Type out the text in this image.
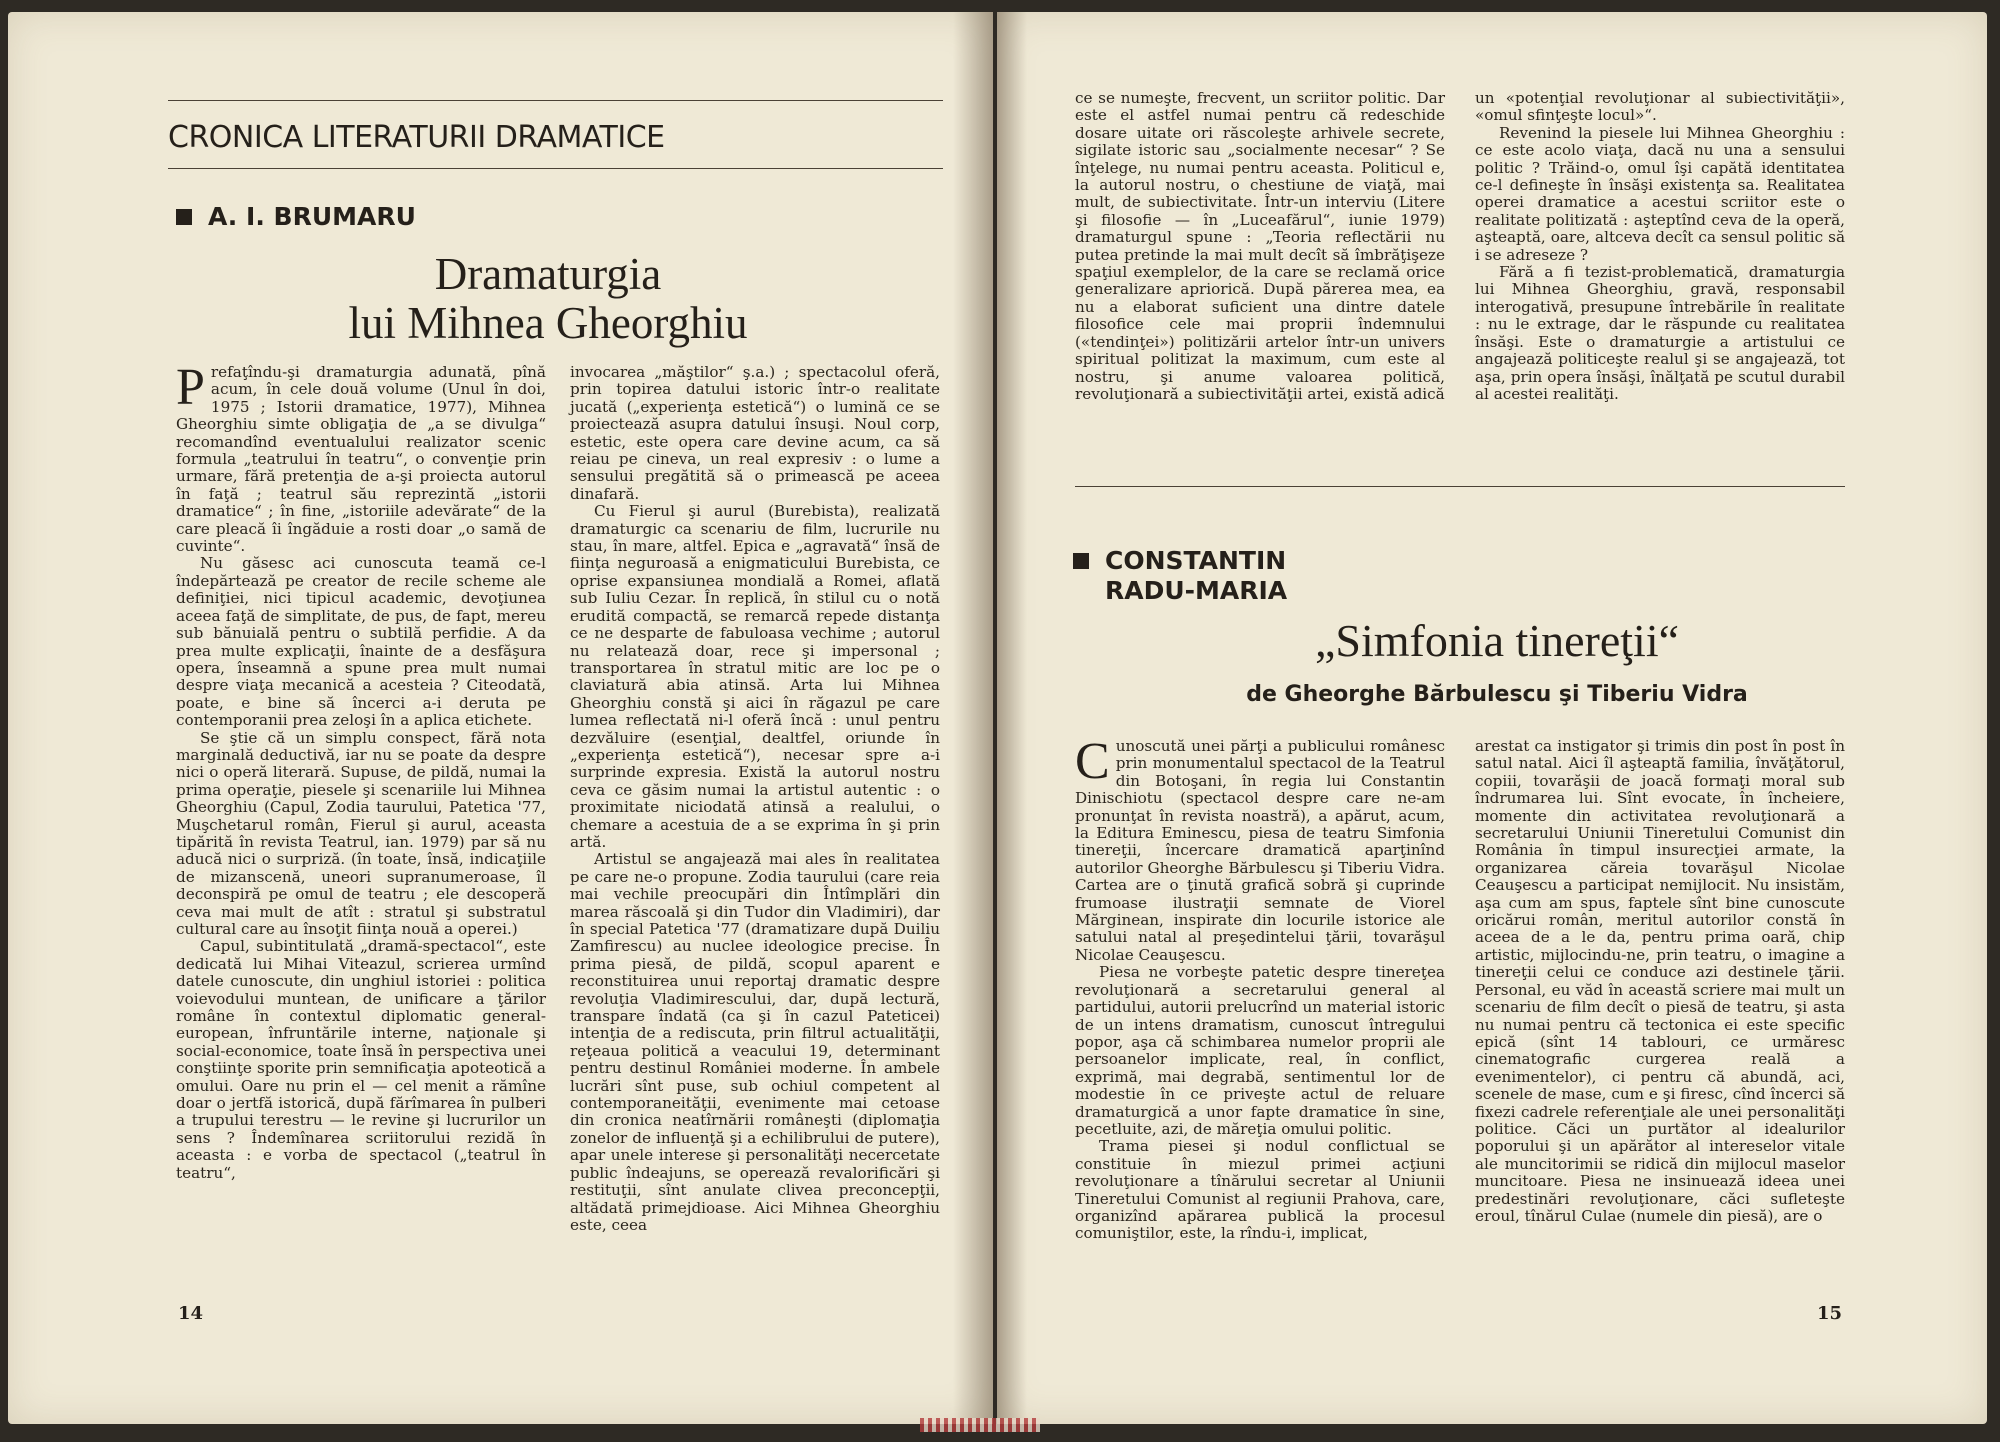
CRONICA LITERATURII DRAMATICE
A. I. BRUMARU
Dramaturgia
lui Mihnea Gheorghiu
P refaţîndu-şi dramaturgia adunată, pînă acum, în cele două volume (Unul în doi, 1975 ; Istorii dramatice, 1977), Mihnea Gheorghiu simte obligaţia de „a se divulga“ recomandînd eventualului realizator scenic formula „teatrului în teatru“, o convenţie prin urmare, fără pretenţia de a-şi proiecta autorul în faţă ; teatrul său reprezintă „istorii dramatice“ ; în fine, „istoriile adevărate“ de la care pleacă îi îngăduie a rosti doar „o samă de cuvinte“.

Nu găsesc aci cunoscuta teamă ce-l îndepărtează pe creator de recile scheme ale definiţiei, nici tipicul academic, devoţiunea aceea faţă de simplitate, de pus, de fapt, mereu sub bănuială pentru o subtilă perfidie. A da prea multe explicaţii, înainte de a desfăşura opera, înseamnă a spune prea mult numai despre viaţa mecanică a acesteia ? Citeodată, poate, e bine să încerci a-i deruta pe contemporanii prea zeloşi în a aplica etichete.

Se ştie că un simplu conspect, fără nota marginală deductivă, iar nu se poate da despre nici o operă literară. Supuse, de pildă, numai la prima operaţie, piesele şi scenariile lui Mihnea Gheorghiu (Capul, Zodia taurului, Patetica '77, Muşchetarul român, Fierul şi aurul, aceasta tipărită în revista Teatrul, ian. 1979) par să nu aducă nici o surpriză. (în toate, însă, indicaţiile de mizanscenă, uneori supranumeroase, îl deconspiră pe omul de teatru ; ele descoperă ceva mai mult de atît : stratul şi substratul cultural care au însoţit fiinţa nouă a operei.)

Capul, subintitulată „dramă-spectacol“, este dedicată lui Mihai Viteazul, scrierea urmînd datele cunoscute, din unghiul istoriei : politica voievodului muntean, de unificare a ţărilor române în contextul diplomatic general-european, înfruntările interne, naţionale şi social-economice, toate însă în perspectiva unei conştiinţe sporite prin semnificaţia apoteotică a omului. Oare nu prin el — cel menit a rămîne doar o jertfă istorică, după fărîmarea în pulberi a trupului terestru — le revine şi lucrurilor un sens ? Îndemînarea scriitorului rezidă în aceasta : e vorba de spectacol („teatrul în teatru“,

invocarea „măştilor“ ş.a.) ; spectacolul oferă, prin topirea datului istoric într-o realitate jucată („experienţa estetică“) o lumină ce se proiectează asupra datului însuşi. Noul corp, estetic, este opera care devine acum, ca să reiau pe cineva, un real expresiv : o lume a sensului pregătită să o primească pe aceea dinafară.

Cu Fierul şi aurul (Burebista), realizată dramaturgic ca scenariu de film, lucrurile nu stau, în mare, altfel. Epica e „agravată“ însă de fiinţa neguroasă a enigmaticului Burebista, ce oprise expansiunea mondială a Romei, aflată sub Iuliu Cezar. În replică, în stilul cu o notă erudită compactă, se remarcă repede distanţa ce ne desparte de fabuloasa vechime ; autorul nu relatează doar, rece şi impersonal ; transportarea în stratul mitic are loc pe o claviatură abia atinsă. Arta lui Mihnea Gheorghiu constă şi aici în răgazul pe care lumea reflectată ni-l oferă încă : unul pentru dezvăluire (esenţial, dealtfel, oriunde în „experienţa estetică“), necesar spre a-i surprinde expresia. Există la autorul nostru ceva ce găsim numai la artistul autentic : o proximitate niciodată atinsă a realului, o chemare a acestuia de a se exprima în şi prin artă.

Artistul se angajează mai ales în realitatea pe care ne-o propune. Zodia taurului (care reia mai vechile preocupări din Întîmplări din marea răscoală şi din Tudor din Vladimiri), dar în special Patetica '77 (dramatizare după Duiliu Zamfirescu) au nuclee ideologice precise. În prima piesă, de pildă, scopul aparent e reconstituirea unui reportaj dramatic despre revoluţia Vladimirescului, dar, după lectură, transpare îndată (ca şi în cazul Pateticei) intenţia de a rediscuta, prin filtrul actualităţii, reţeaua politică a veacului 19, determinant pentru destinul României moderne. În ambele lucrări sînt puse, sub ochiul competent al contemporaneităţii, evenimente mai cetoase din cronica neatîrnării româneşti (diplomaţia zonelor de influenţă şi a echilibrului de putere), apar unele interese şi personalităţi necercetate public îndeajuns, se operează revalorificări şi restituţii, sînt anulate clivea preconcepţii, altădată primejdioase. Aici Mihnea Gheorghiu este, ceea

14

ce se numeşte, frecvent, un scriitor politic. Dar este el astfel numai pentru că redeschide dosare uitate ori răscoleşte arhivele secrete, sigilate istoric sau „socialmente necesar“ ? Se înţelege, nu numai pentru aceasta. Politicul e, la autorul nostru, o chestiune de viaţă, mai mult, de subiectivitate. Într-un interviu (Litere şi filosofie — în „Luceafărul“, iunie 1979) dramaturgul spune : „Teoria reflectării nu putea pretinde la mai mult decît să îmbrăţişeze spaţiul exemplelor, de la care se reclamă orice generalizare apriorică. După părerea mea, ea nu a elaborat suficient una dintre datele filosofice cele mai proprii îndemnului («tendinţei») politizării artelor într-un univers spiritual politizat la maximum, cum este al nostru, şi anume valoarea politică, revoluţionară a subiectivităţii artei, există adică

un «potenţial revoluţionar al subiectivităţii», «omul sfinţeşte locul»“.

Revenind la piesele lui Mihnea Gheorghiu : ce este acolo viaţa, dacă nu una a sensului politic ? Trăind-o, omul îşi capătă identitatea ce-l defineşte în însăşi existenţa sa. Realitatea operei dramatice a acestui scriitor este o realitate politizată : aşteptînd ceva de la operă, aşteaptă, oare, altceva decît ca sensul politic să i se adreseze ?

Fără a fi tezist-problematică, dramaturgia lui Mihnea Gheorghiu, gravă, responsabil interogativă, presupune întrebările în realitate : nu le extrage, dar le răspunde cu realitatea însăşi. Este o dramaturgie a artistului ce angajează politiceşte realul şi se angajează, tot aşa, prin opera însăşi, înălţată pe scutul durabil al acestei realităţi.

CONSTANTIN
RADU-MARIA
„Simfonia tinereţii“
de Gheorghe Bărbulescu şi Tiberiu Vidra
C unoscută unei părţi a publicului românesc prin monumentalul spectacol de la Teatrul din Botoşani, în regia lui Constantin Dinischiotu (spectacol despre care ne-am pronunţat în revista noastră), a apărut, acum, la Editura Eminescu, piesa de teatru Simfonia tinereţii, încercare dramatică aparţinînd autorilor Gheorghe Bărbulescu şi Tiberiu Vidra. Cartea are o ţinută grafică sobră şi cuprinde frumoase ilustraţii semnate de Viorel Mărginean, inspirate din locurile istorice ale satului natal al preşedintelui ţării, tovarăşul Nicolae Ceauşescu.

Piesa ne vorbeşte patetic despre tinereţea revoluţionară a secretarului general al partidului, autorii prelucrînd un material istoric de un intens dramatism, cunoscut întregului popor, aşa că schimbarea numelor proprii ale persoanelor implicate, real, în conflict, exprimă, mai degrabă, sentimentul lor de modestie în ce priveşte actul de reluare dramaturgică a unor fapte dramatice în sine, pecetluite, azi, de măreţia omului politic.

Trama piesei şi nodul conflictual se constituie în miezul primei acţiuni revoluţionare a tînărului secretar al Uniunii Tineretului Comunist al regiunii Prahova, care, organizînd apărarea publică la procesul comuniştilor, este, la rîndu-i, implicat,

arestat ca instigator şi trimis din post în post în satul natal. Aici îl aşteaptă familia, învăţătorul, copiii, tovarăşii de joacă formaţi moral sub îndrumarea lui. Sînt evocate, în încheiere, momente din activitatea revoluţionară a secretarului Uniunii Tineretului Comunist din România în timpul insurecţiei armate, la organizarea căreia tovarăşul Nicolae Ceauşescu a participat nemijlocit. Nu insistăm, aşa cum am spus, faptele sînt bine cunoscute oricărui român, meritul autorilor constă în aceea de a le da, pentru prima oară, chip artistic, mijlocindu-ne, prin teatru, o imagine a tinereţii celui ce conduce azi destinele ţării. Personal, eu văd în această scriere mai mult un scenariu de film decît o piesă de teatru, şi asta nu numai pentru că tectonica ei este specific epică (sînt 14 tablouri, ce urmăresc cinematografic curgerea reală a evenimentelor), ci pentru că abundă, aci, scenele de mase, cum e şi firesc, cînd încerci să fixezi cadrele referenţiale ale unei personalităţi politice. Căci un purtător al idealurilor poporului şi un apărător al intereselor vitale ale muncitorimii se ridică din mijlocul maselor muncitoare. Piesa ne insinuează ideea unei predestinări revoluţionare, căci sufleteşte eroul, tînărul Culae (numele din piesă), are o

15
